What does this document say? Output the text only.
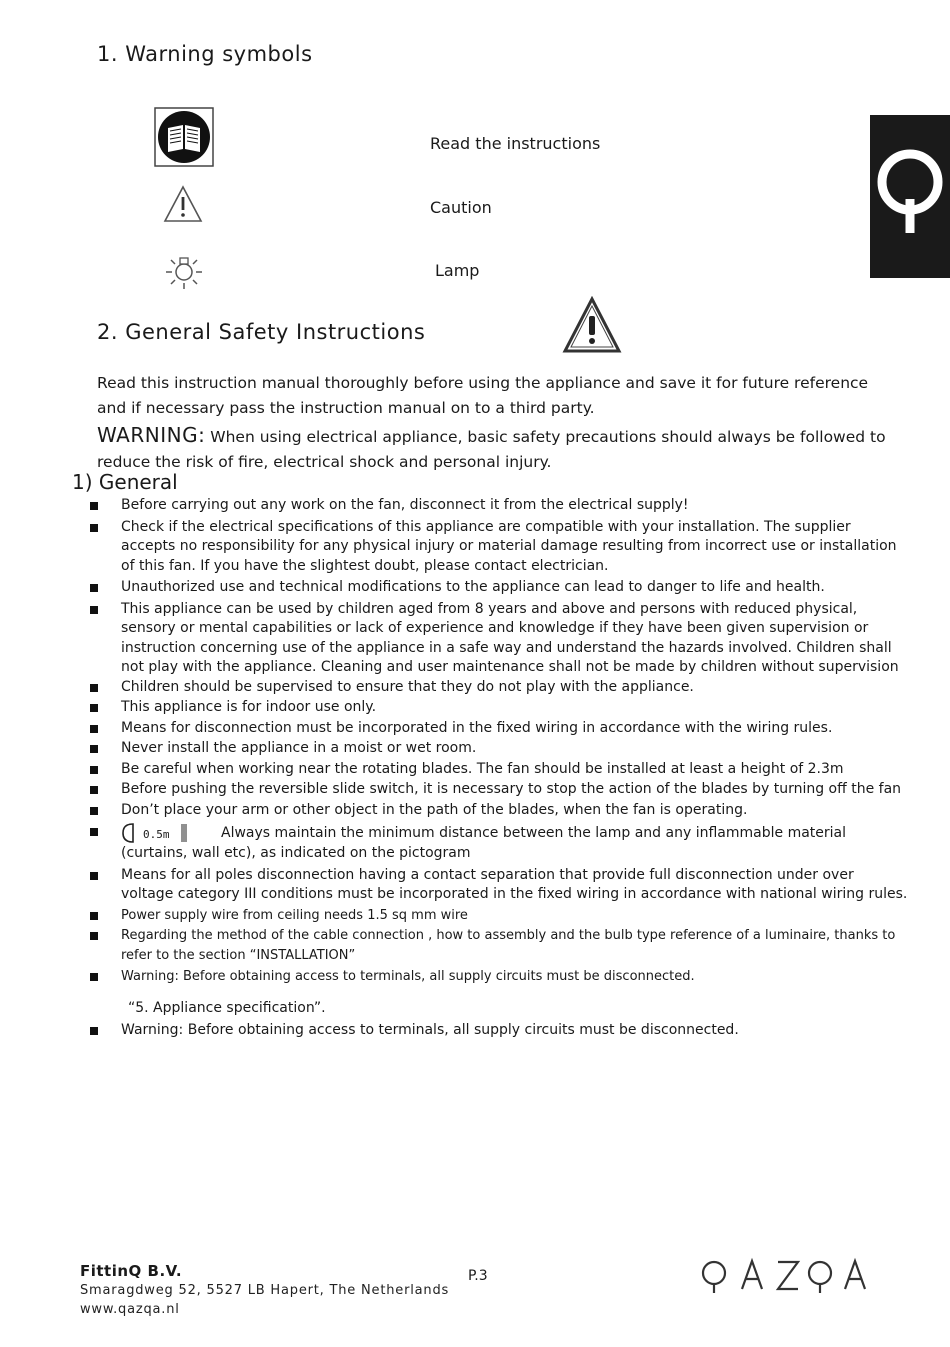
1. Warning symbols
Read the instructions
Caution
Lamp
2. General Safety Instructions
Read this instruction manual thoroughly before using the appliance and save it for future reference and if necessary pass the instruction manual on to a third party.
WARNING: When using electrical appliance, basic safety precautions should always be followed to reduce the risk of fire, electrical shock and personal injury.
1) General
Before carrying out any work on the fan, disconnect it from the electrical supply!
Check if the electrical specifications of this appliance are compatible with your installation. The supplier accepts no responsibility for any physical injury or material damage resulting from incorrect use or installation of this fan. If you have the slightest doubt, please contact electrician.
Unauthorized use and technical modifications to the appliance can lead to danger to life and health.
This appliance can be used by children aged from 8 years and above and persons with reduced physical, sensory or mental capabilities or lack of experience and knowledge if they have been given supervision or instruction concerning use of the appliance in a safe way and understand the hazards involved. Children shall not play with the appliance. Cleaning and user maintenance shall not be made by children without supervision
Children should be supervised to ensure that they do not play with the appliance.
This appliance is for indoor use only.
Means for disconnection must be incorporated in the fixed wiring in accordance with the wiring rules.
Never install the appliance in a moist or wet room.
Be careful when working near the rotating blades. The fan should be installed at least a height of 2.3m
Before pushing the reversible slide switch, it is necessary to stop the action of the blades by turning off the fan
Don’t place your arm or other object in the path of the blades, when the fan is operating.
0.5m	Always maintain the minimum distance between the lamp and any inflammable material (curtains, wall etc), as indicated on the pictogram
Means for all poles disconnection having a contact separation that provide full disconnection under over voltage category III conditions must be incorporated in the fixed wiring in accordance with national wiring rules.
Power supply wire from ceiling needs 1.5 sq mm wire
Regarding the method of the cable connection , how to assembly and the bulb type reference of a luminaire, thanks to refer to the section “INSTALLATION”
Warning: Before obtaining access to terminals, all supply circuits must be disconnected.
“5. Appliance specification”.
Warning: Before obtaining access to terminals, all supply circuits must be disconnected.
FittinQ B.V.
Smaragdweg 52, 5527 LB Hapert, The Netherlands
www.qazqa.nl
P.3
